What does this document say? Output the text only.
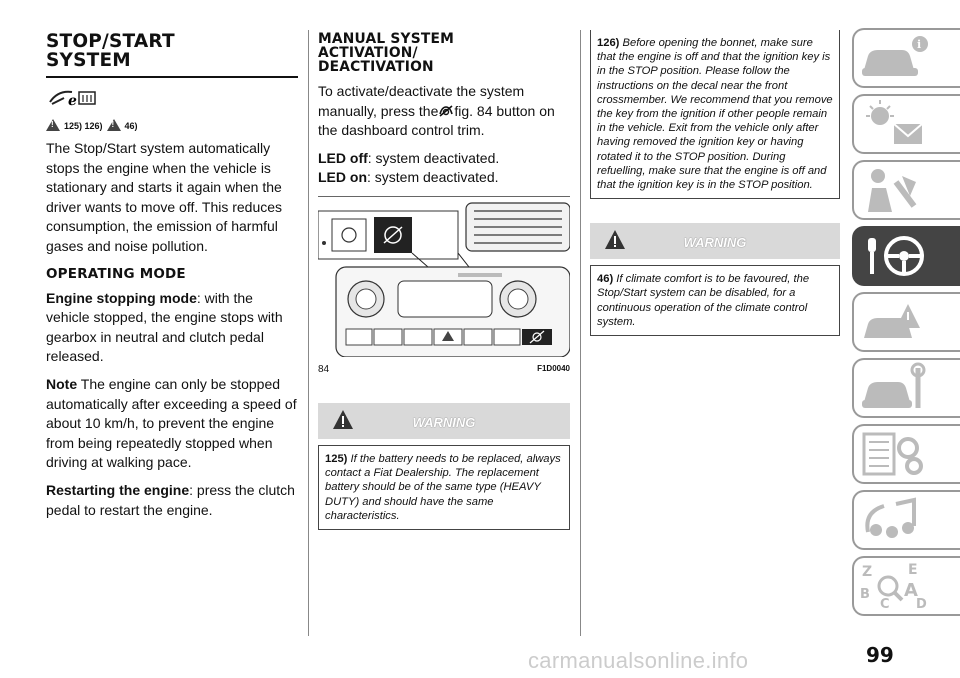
STOP/START
SYSTEM
ℯ
!
125) 126)
! 46)

The Stop/Start system automatically stops the engine when the vehicle is stationary and starts it again when the driver wants to move off. This reduces consumption, the emission of harmful gases and noise pollution.

OPERATING MODE

Engine stopping mode: with the vehicle stopped, the engine stops with gearbox in neutral and clutch pedal released.

Note The engine can only be stopped automatically after exceeding a speed of about 10 km/h, to prevent the engine from being repeatedly stopped when driving at walking pace.

Restarting the engine: press the clutch pedal to restart the engine.

MANUAL SYSTEM
ACTIVATION/
DEACTIVATION

To activate/deactivate the system manually, press the fig. 84 button on the dashboard control trim.

LED off: system deactivated.

LED on: system deactivated.

84	F1D0040
WARNING
125) If the battery needs to be replaced, always contact a Fiat Dealership. The replacement battery should be of the same type (HEAVY DUTY) and should have the same characteristics.
126) Before opening the bonnet, make sure that the engine is off and that the ignition key is in the STOP position. Please follow the instructions on the decal near the front crossmember. We recommend that you remove the key from the ignition if other people remain in the vehicle. Exit from the vehicle only after having removed the ignition key or having rotated it to the STOP position. During refuelling, make sure that the engine is off and that the ignition key is in the STOP position.
WARNING
46) If climate comfort is to be favoured, the Stop/Start system can be disabled, for a continuous operation of the climate control system.
i
Z	E
B A
C D
99
carmanualsonline.info
